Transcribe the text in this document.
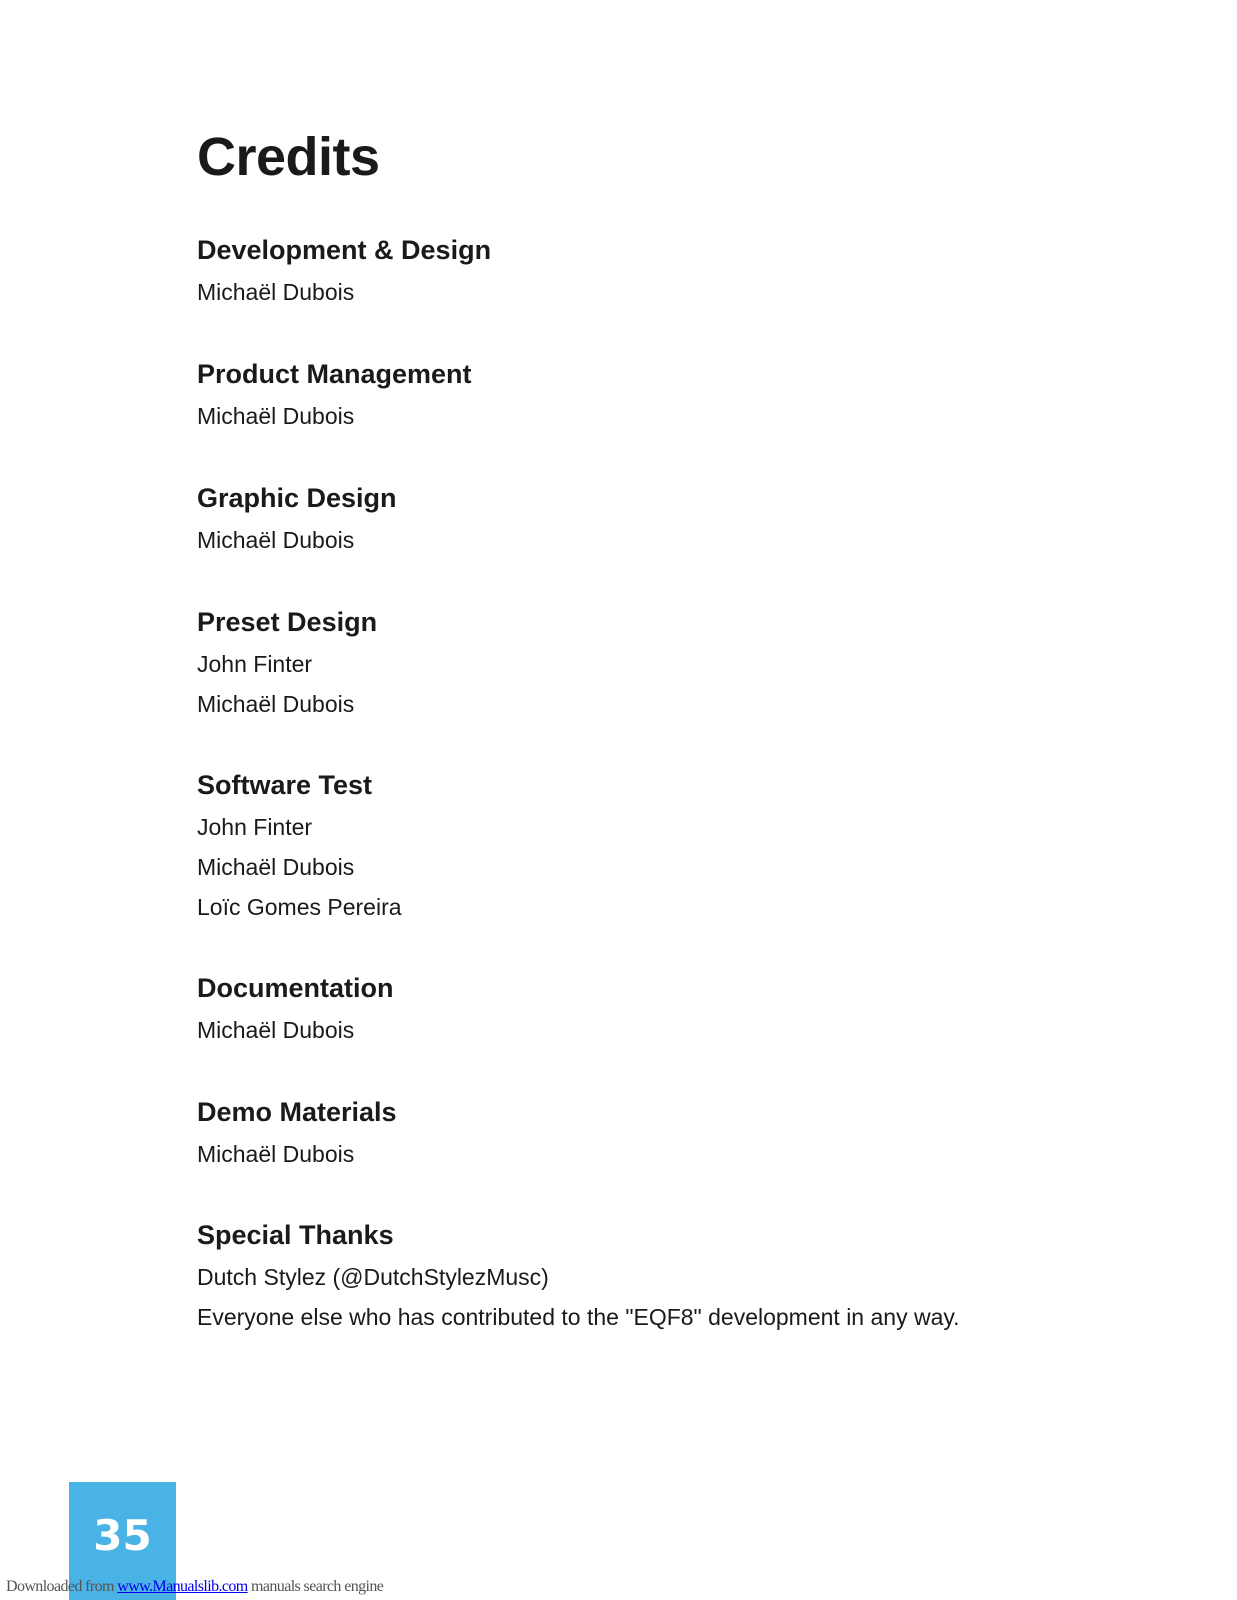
Credits
Development & Design

Michaël Dubois

Product Management

Michaël Dubois

Graphic Design

Michaël Dubois

Preset Design

John Finter

Michaël Dubois

Software Test

John Finter

Michaël Dubois

Loïc Gomes Pereira

Documentation

Michaël Dubois

Demo Materials

Michaël Dubois

Special Thanks

Dutch Stylez (@DutchStylezMusc)

Everyone else who has contributed to the "EQF8" development in any way.

35
Downloaded from www.Manualslib.com manuals search engine
